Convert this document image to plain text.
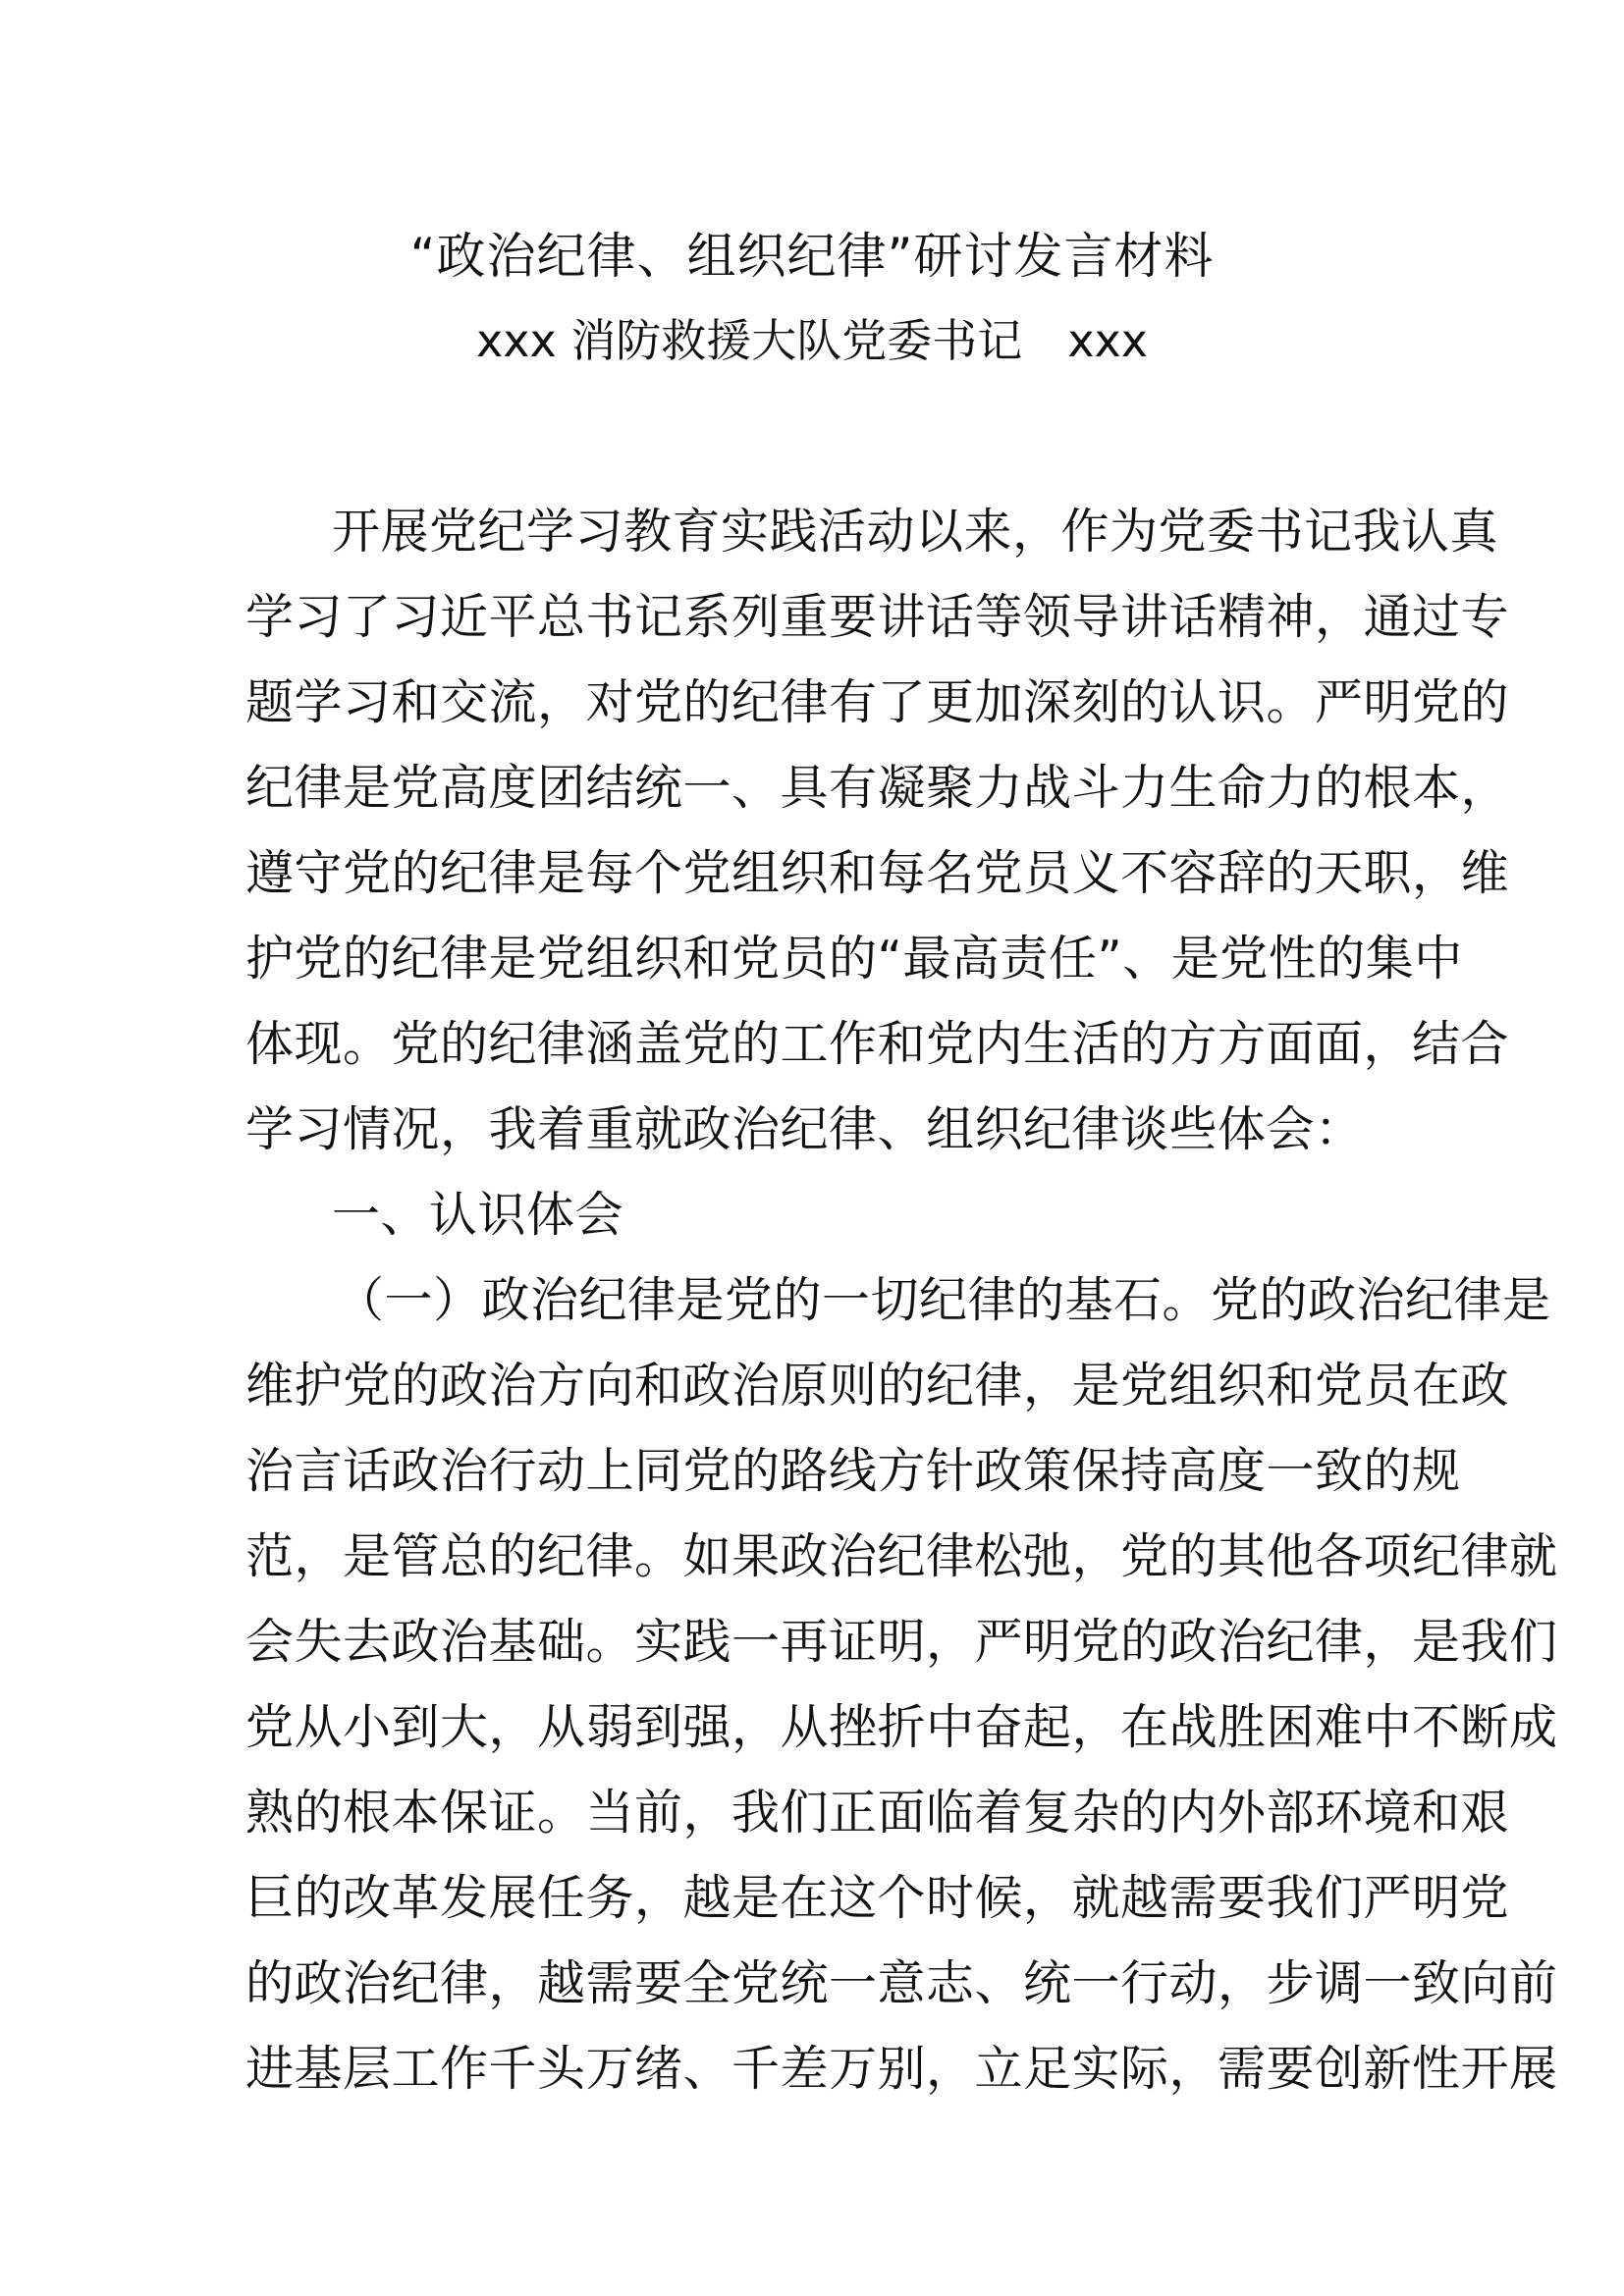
“政治纪律、组织纪律”研讨发言材料
xxx 消防救援大队党委书记 xxx
开展党纪学习教育实践活动以来，作为党委书记我认真
学习了习近平总书记系列重要讲话等领导讲话精神，通过专
题学习和交流，对党的纪律有了更加深刻的认识。严明党的
纪律是党高度团结统一、具有凝聚力战斗力生命力的根本，
遵守党的纪律是每个党组织和每名党员义不容辞的天职，维
护党的纪律是党组织和党员的“最高责任”、是党性的集中
体现。党的纪律涵盖党的工作和党内生活的方方面面，结合
学习情况，我着重就政治纪律、组织纪律谈些体会：
一、认识体会
（一）政治纪律是党的一切纪律的基石。党的政治纪律是
维护党的政治方向和政治原则的纪律，是党组织和党员在政
治言话政治行动上同党的路线方针政策保持高度一致的规
范，是管总的纪律。如果政治纪律松弛，党的其他各项纪律就
会失去政治基础。实践一再证明，严明党的政治纪律，是我们
党从小到大，从弱到强，从挫折中奋起，在战胜困难中不断成
熟的根本保证。当前，我们正面临着复杂的内外部环境和艰
巨的改革发展任务，越是在这个时候，就越需要我们严明党
的政治纪律，越需要全党统一意志、统一行动，步调一致向前
进基层工作千头万绪、千差万别，立足实际，需要创新性开展
